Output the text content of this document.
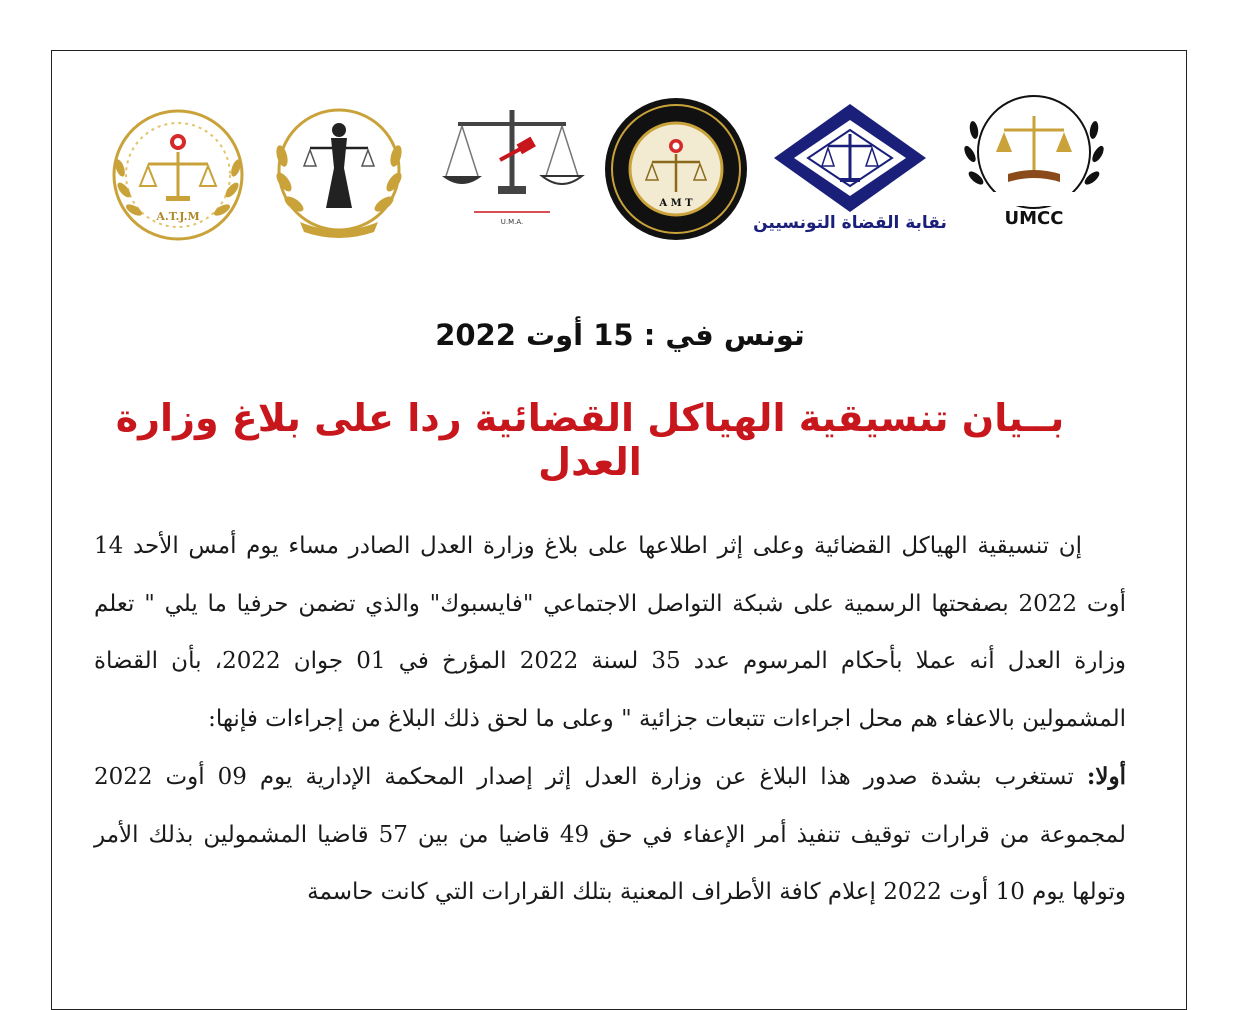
A.T.J.M	U.M.A.
A M T
نقابة القضاة التونسيين	UMCC
تونس في : 15 أوت 2022
بــيان تنسيقية الهياكل القضائية ردا على بلاغ وزارة العدل

إن تنسيقية الهياكل القضائية وعلى إثر اطلاعها على بلاغ وزارة العدل الصادر مساء يوم أمس الأحد 14 أوت 2022 بصفحتها الرسمية على شبكة التواصل الاجتماعي "فايسبوك" والذي تضمن حرفيا ما يلي " تعلم وزارة العدل أنه عملا بأحكام المرسوم عدد 35 لسنة 2022 المؤرخ في 01 جوان 2022، بأن القضاة المشمولين بالاعفاء هم محل اجراءات تتبعات جزائية " وعلى ما لحق ذلك البلاغ من إجراءات فإنها:

أولا: تستغرب بشدة صدور هذا البلاغ عن وزارة العدل إثر إصدار المحكمة الإدارية يوم 09 أوت 2022 لمجموعة من قرارات توقيف تنفيذ أمر الإعفاء في حق 49 قاضيا من بين 57 قاضيا المشمولين بذلك الأمر وتولها يوم 10 أوت 2022 إعلام كافة الأطراف المعنية بتلك القرارات التي كانت حاسمة
